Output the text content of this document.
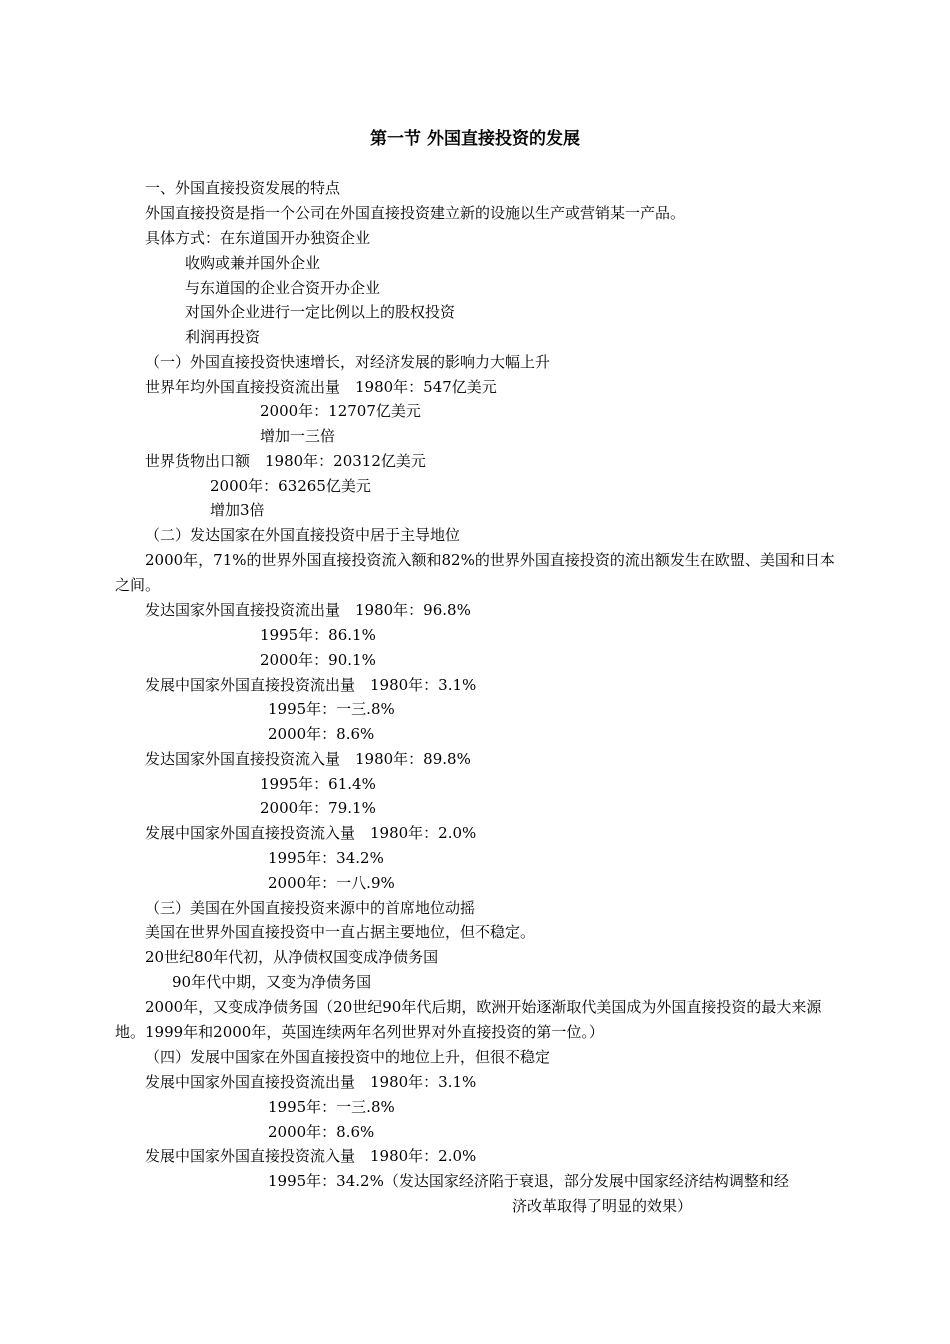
第一节 外国直接投资的发展
一、外国直接投资发展的特点
外国直接投资是指一个公司在外国直接投资建立新的设施以生产或营销某一产品。
具体方式：在东道国开办独资企业
收购或兼并国外企业
与东道国的企业合资开办企业
对国外企业进行一定比例以上的股权投资
利润再投资
（一）外国直接投资快速增长，对经济发展的影响力大幅上升
世界年均外国直接投资流出量　1980年：547亿美元
2000年：12707亿美元
增加一三倍
世界货物出口额　1980年：20312亿美元
2000年：63265亿美元
增加3倍
（二）发达国家在外国直接投资中居于主导地位
2000年，71%的世界外国直接投资流入额和82%的世界外国直接投资的流出额发生在欧盟、美国和日本之间。
发达国家外国直接投资流出量　1980年：96.8%
1995年：86.1%
2000年：90.1%
发展中国家外国直接投资流出量　1980年：3.1%
1995年：一三.8%
2000年：8.6%
发达国家外国直接投资流入量　1980年：89.8%
1995年：61.4%
2000年：79.1%
发展中国家外国直接投资流入量　1980年：2.0%
1995年：34.2%
2000年：一八.9%
（三）美国在外国直接投资来源中的首席地位动摇
美国在世界外国直接投资中一直占据主要地位，但不稳定。
20世纪80年代初，从净债权国变成净债务国
90年代中期，又变为净债务国
2000年，又变成净债务国（20世纪90年代后期，欧洲开始逐渐取代美国成为外国直接投资的最大来源地。1999年和2000年，英国连续两年名列世界对外直接投资的第一位。）
（四）发展中国家在外国直接投资中的地位上升，但很不稳定
发展中国家外国直接投资流出量　1980年：3.1%
1995年：一三.8%
2000年：8.6%
发展中国家外国直接投资流入量　1980年：2.0%
1995年：34.2%（发达国家经济陷于衰退，部分发展中国家经济结构调整和经
济改革取得了明显的效果）
